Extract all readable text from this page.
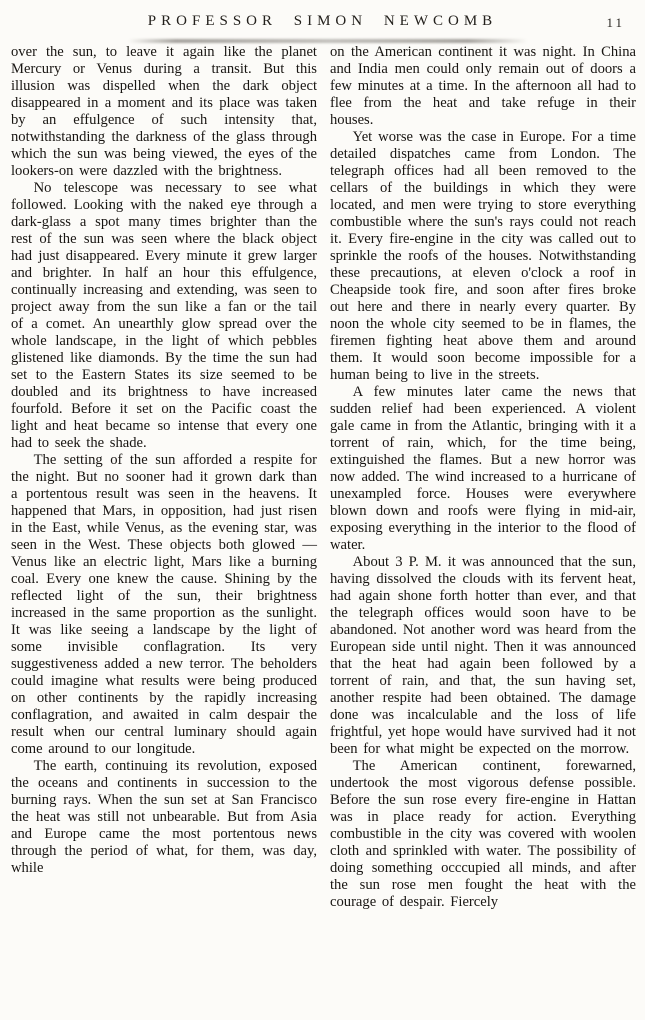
PROFESSOR SIMON NEWCOMB	11

over the sun, to leave it again like the planet Mercury or Venus during a transit. But this illusion was dispelled when the dark object disappeared in a moment and its place was taken by an effulgence of such intensity that, notwithstanding the darkness of the glass through which the sun was being viewed, the eyes of the lookers-on were dazzled with the brightness.

No telescope was necessary to see what followed. Looking with the naked eye through a dark-glass a spot many times brighter than the rest of the sun was seen where the black object had just disappeared. Every minute it grew larger and brighter. In half an hour this effulgence, continually increasing and extending, was seen to project away from the sun like a fan or the tail of a comet. An unearthly glow spread over the whole landscape, in the light of which pebbles glistened like diamonds. By the time the sun had set to the Eastern States its size seemed to be doubled and its brightness to have increased fourfold. Before it set on the Pacific coast the light and heat became so intense that every one had to seek the shade.

The setting of the sun afforded a respite for the night. But no sooner had it grown dark than a portentous result was seen in the heavens. It happened that Mars, in opposition, had just risen in the East, while Venus, as the evening star, was seen in the West. These objects both glowed — Venus like an electric light, Mars like a burning coal. Every one knew the cause. Shining by the reflected light of the sun, their brightness increased in the same proportion as the sunlight. It was like seeing a landscape by the light of some invisible conflagration. Its very suggestiveness added a new terror. The beholders could imagine what results were being produced on other continents by the rapidly increasing conflagration, and awaited in calm despair the result when our central luminary should again come around to our longitude.

The earth, continuing its revolution, exposed the oceans and continents in succession to the burning rays. When the sun set at San Francisco the heat was still not unbearable. But from Asia and Europe came the most portentous news through the period of what, for them, was day, while

on the American continent it was night. In China and India men could only remain out of doors a few minutes at a time. In the afternoon all had to flee from the heat and take refuge in their houses.

Yet worse was the case in Europe. For a time detailed dispatches came from London. The telegraph offices had all been removed to the cellars of the buildings in which they were located, and men were trying to store everything combustible where the sun's rays could not reach it. Every fire-engine in the city was called out to sprinkle the roofs of the houses. Notwithstanding these precautions, at eleven o'clock a roof in Cheapside took fire, and soon after fires broke out here and there in nearly every quarter. By noon the whole city seemed to be in flames, the firemen fighting heat above them and around them. It would soon become impossible for a human being to live in the streets.

A few minutes later came the news that sudden relief had been experienced. A violent gale came in from the Atlantic, bringing with it a torrent of rain, which, for the time being, extinguished the flames. But a new horror was now added. The wind increased to a hurricane of unexampled force. Houses were everywhere blown down and roofs were flying in mid-air, exposing everything in the interior to the flood of water.

About 3 P. M. it was announced that the sun, having dissolved the clouds with its fervent heat, had again shone forth hotter than ever, and that the telegraph offices would soon have to be abandoned. Not another word was heard from the European side until night. Then it was announced that the heat had again been followed by a torrent of rain, and that, the sun having set, another respite had been obtained. The damage done was incalculable and the loss of life frightful, yet hope would have survived had it not been for what might be expected on the morrow.

The American continent, forewarned, undertook the most vigorous defense possible. Before the sun rose every fire-engine in Hattan was in place ready for action. Everything combustible in the city was covered with woolen cloth and sprinkled with water. The possibility of doing something occcupied all minds, and after the sun rose men fought the heat with the courage of despair. Fiercely
